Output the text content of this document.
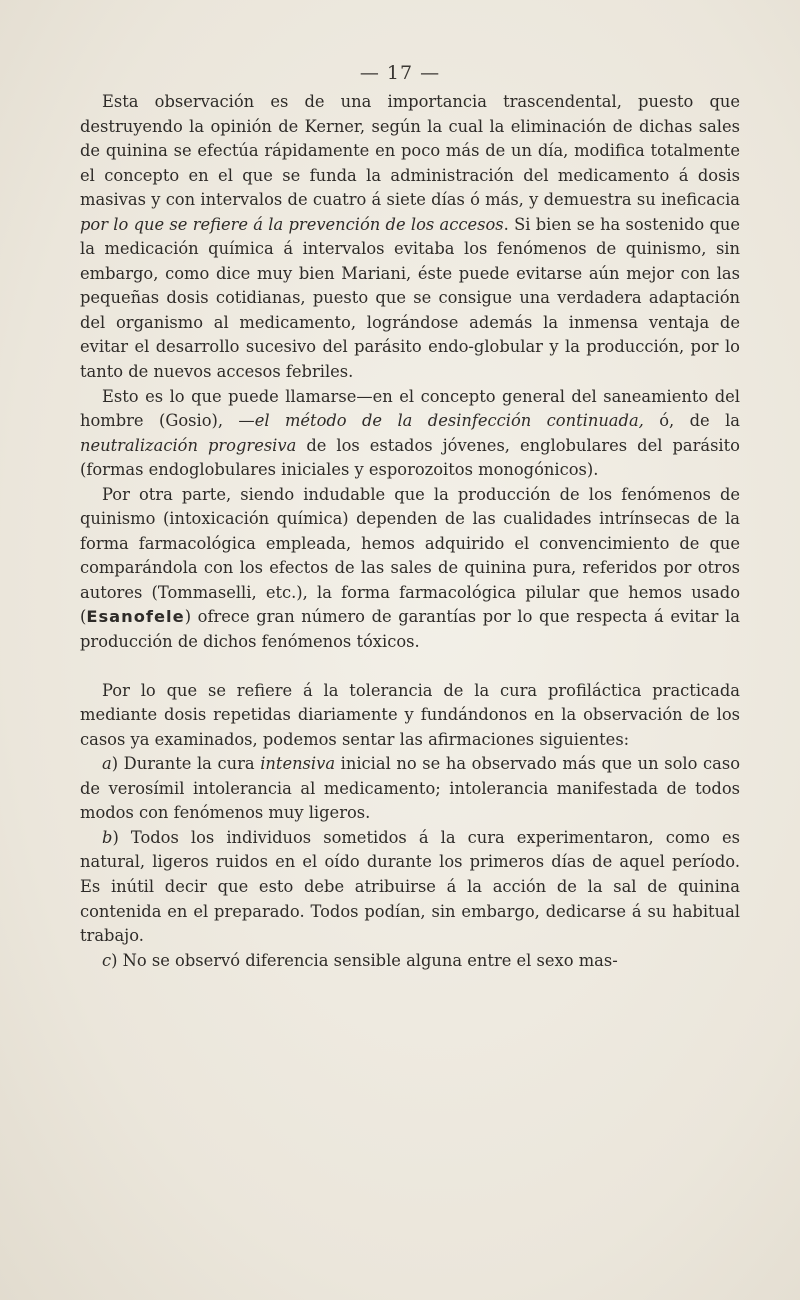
— 17 —

Esta observación es de una importancia trascendental, puesto que destruyendo la opinión de Kerner, según la cual la eliminación de dichas sales de quinina se efectúa rápidamente en poco más de un día, modifica totalmente el concepto en el que se funda la administración del medicamento á dosis masivas y con intervalos de cuatro á siete días ó más, y demuestra su ineficacia por lo que se refiere á la prevención de los accesos. Si bien se ha sostenido que la medicación química á intervalos evitaba los fenómenos de quinismo, sin embargo, como dice muy bien Mariani, éste puede evitarse aún mejor con las pequeñas dosis cotidianas, puesto que se consigue una verdadera adaptación del organismo al medicamento, lográndose además la inmensa ventaja de evitar el desarrollo sucesivo del parásito endo-globular y la producción, por lo tanto de nuevos accesos febriles.

Esto es lo que puede llamarse—en el concepto general del saneamiento del hombre (Gosio), —el método de la desinfección continuada, ó, de la neutralización progresiva de los estados jóvenes, englobulares del parásito (formas endoglobulares iniciales y esporozoitos monogónicos).

Por otra parte, siendo indudable que la producción de los fenómenos de quinismo (intoxicación química) dependen de las cualidades intrínsecas de la forma farmacológica empleada, hemos adquirido el convencimiento de que comparándola con los efectos de las sales de quinina pura, referidos por otros autores (Tommaselli, etc.), la forma farmacológica pilular que hemos usado (Esanofele) ofrece gran número de garantías por lo que respecta á evitar la producción de dichos fenómenos tóxicos.

Por lo que se refiere á la tolerancia de la cura profiláctica practicada mediante dosis repetidas diariamente y fundándonos en la observación de los casos ya examinados, podemos sentar las afirmaciones siguientes:

a) Durante la cura intensiva inicial no se ha observado más que un solo caso de verosímil intolerancia al medicamento; intolerancia manifestada de todos modos con fenómenos muy ligeros.

b) Todos los individuos sometidos á la cura experimentaron, como es natural, ligeros ruidos en el oído durante los primeros días de aquel período. Es inútil decir que esto debe atribuirse á la acción de la sal de quinina contenida en el preparado. Todos podían, sin embargo, dedicarse á su habitual trabajo.

c) No se observó diferencia sensible alguna entre el sexo mas-
